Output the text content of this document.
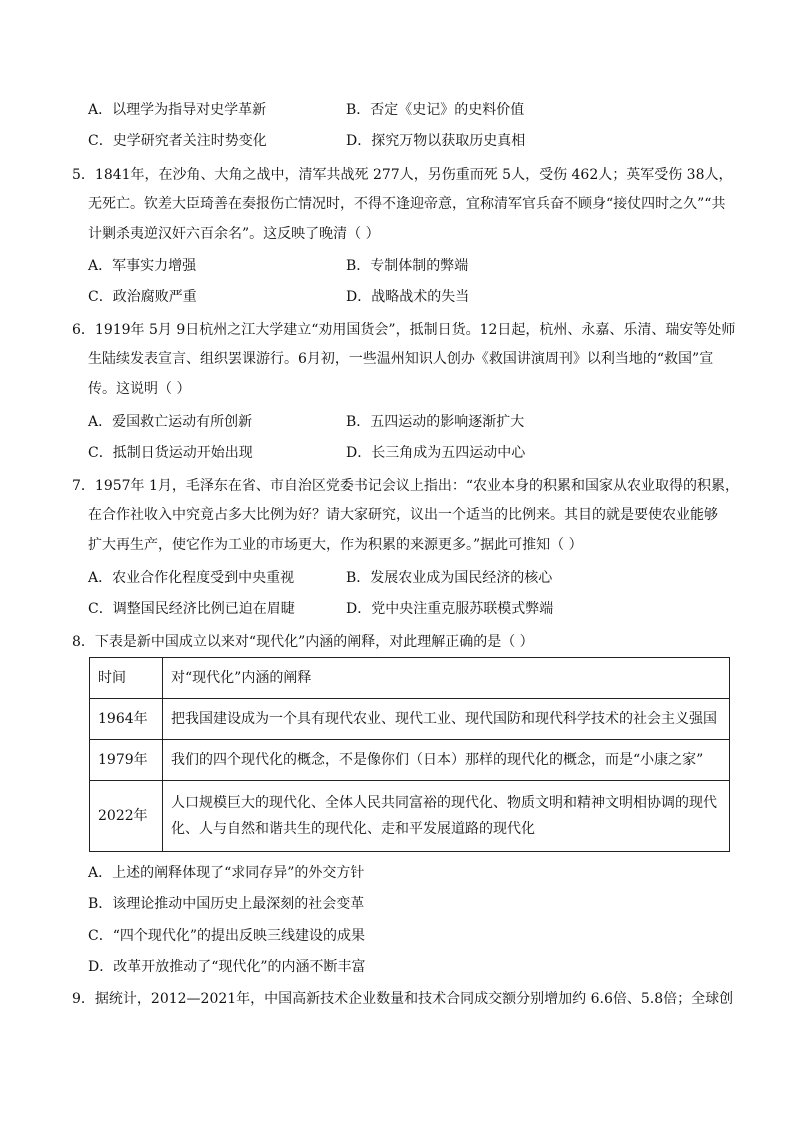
A．以理学为指导对史学革新	B．否定《史记》的史料价值
C．史学研究者关注时势变化	D．探究万物以获取历史真相
5．1841年，在沙角、大角之战中，清军共战死 277人，另伤重而死 5人，受伤 462人；英军受伤 38人，
无死亡。钦差大臣琦善在奏报伤亡情况时，不得不逢迎帝意，宜称清军官兵奋不顾身“接仗四时之久”“共
计剿杀夷逆汉奸六百余名”。这反映了晚清（ ）
A．军事实力增强	B．专制体制的弊端
C．政治腐败严重	D．战略战术的失当
6．1919年 5月 9日杭州之江大学建立“劝用国货会”，抵制日货。12日起，杭州、永嘉、乐清、瑞安等处师
生陆续发表宣言、组织罢课游行。6月初，一些温州知识人创办《救国讲演周刊》以利当地的“救国”宣
传。这说明（ ）
A．爱国救亡运动有所创新	B．五四运动的影响逐渐扩大
C．抵制日货运动开始出现	D．长三角成为五四运动中心
7．1957年 1月，毛泽东在省、市自治区党委书记会议上指出：“农业本身的积累和国家从农业取得的积累，
在合作社收入中究竟占多大比例为好？请大家研究，议出一个适当的比例来。其目的就是要使农业能够
扩大再生产，使它作为工业的市场更大，作为积累的来源更多。”据此可推知（ ）
A．农业合作化程度受到中央重视	B．发展农业成为国民经济的核心
C．调整国民经济比例已迫在眉睫	D．党中央注重克服苏联模式弊端
8．下表是新中国成立以来对“现代化”内涵的阐释，对此理解正确的是（ ）
时间	对“现代化”内涵的阐释
1964年	把我国建设成为一个具有现代农业、现代工业、现代国防和现代科学技术的社会主义强国
1979年	我们的四个现代化的概念，不是像你们（日本）那样的现代化的概念，而是“小康之家”
2022年	人口规模巨大的现代化、全体人民共同富裕的现代化、物质文明和精神文明相协调的现代化、人与自然和谐共生的现代化、走和平发展道路的现代化
A．上述的阐释体现了“求同存异”的外交方针
B．该理论推动中国历史上最深刻的社会变革
C．“四个现代化”的提出反映三线建设的成果
D．改革开放推动了“现代化”的内涵不断丰富
9．据统计，2012—2021年，中国高新技术企业数量和技术合同成交额分别增加约 6.6倍、5.8倍；全球创
